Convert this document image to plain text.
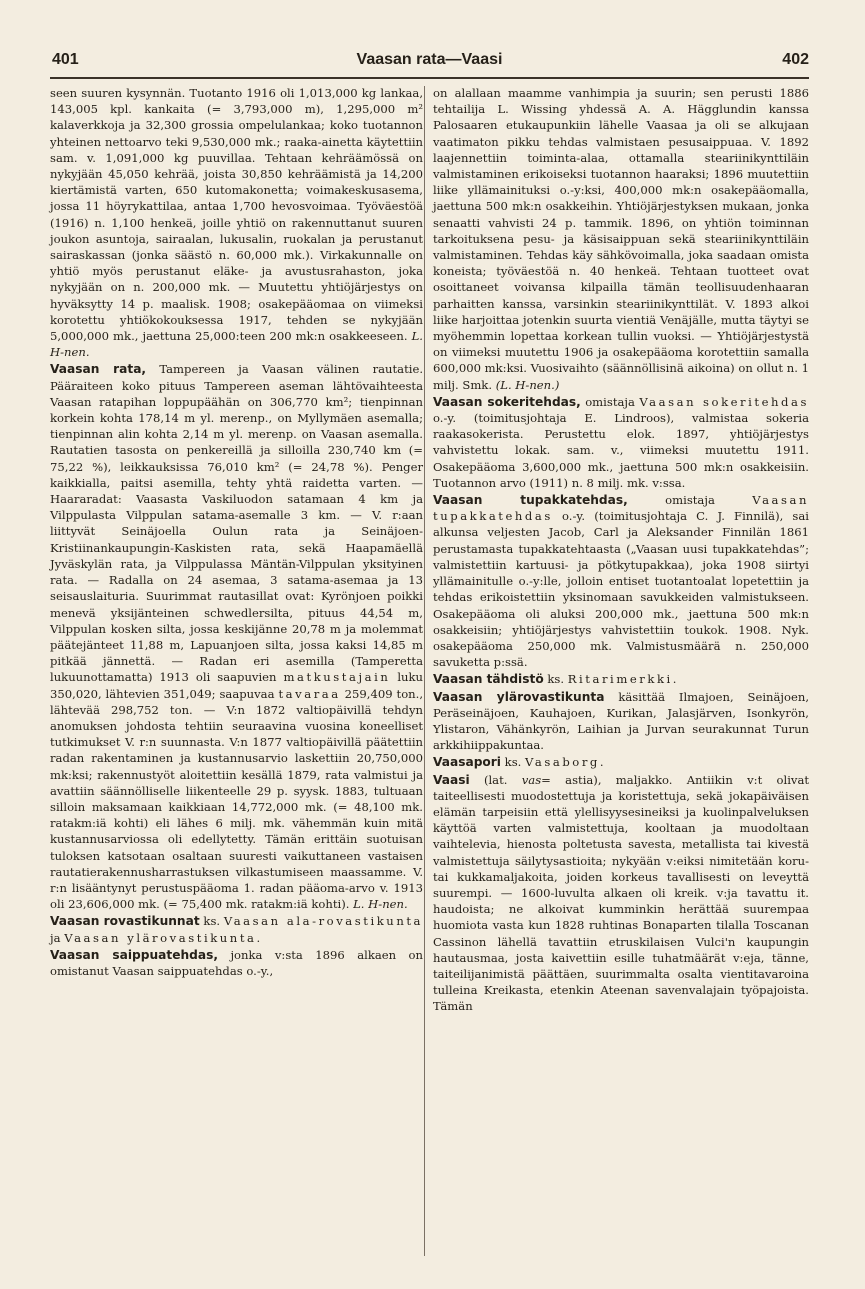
401	Vaasan rata—Vaasi	402

seen suuren kysynnän. Tuotanto 1916 oli 1,013,000 kg lankaa, 143,005 kpl. kankaita (= 3,793,000 m), 1,295,000 m² kalaverkkoja ja 32,300 grossia ompelulankaa; koko tuotannon yhteinen nettoarvo teki 9,530,000 mk.; raaka-ainetta käytettiin sam. v. 1,091,000 kg puuvillaa. Tehtaan kehräämössä on nykyjään 45,050 kehrää, joista 30,850 kehräämistä ja 14,200 kiertämistä varten, 650 kutomakonetta; voimakeskusasema, jossa 11 höyrykattilaa, antaa 1,700 hevosvoimaa. Työväestöä (1916) n. 1,100 henkeä, joille yhtiö on rakennuttanut suuren joukon asuntoja, sairaalan, lukusalin, ruokalan ja perustanut sairaskassan (jonka säästö n. 60,000 mk.). Virkakunnalle on yhtiö myös perustanut eläke- ja avustusrahaston, joka nykyjään on n. 200,000 mk. — Muutettu yhtiöjärjestys on hyväksytty 14 p. maalisk. 1908; osakepääomaa on viimeksi korotettu yhtiökokouksessa 1917, tehden se nykyjään 5,000,000 mk., jaettuna 25,000:teen 200 mk:n osakkeeseen. L. H-nen.

Vaasan rata, Tampereen ja Vaasan välinen rautatie. Pääraiteen koko pituus Tampereen aseman lähtövaihteesta Vaasan ratapihan loppupäähän on 306,770 km²; tienpinnan korkein kohta 178,14 m yl. merenp., on Myllymäen asemalla; tienpinnan alin kohta 2,14 m yl. merenp. on Vaasan asemalla. Rautatien tasosta on penkereillä ja silloilla 230,740 km (= 75,22 %), leikkauksissa 76,010 km² (= 24,78 %). Penger kaikkialla, paitsi asemilla, tehty yhtä raidetta varten. — Haararadat: Vaasasta Vaskiluodon satamaan 4 km ja Vilppulasta Vilppulan satama-asemalle 3 km. — V. r:aan liittyvät Seinäjoella Oulun rata ja Seinäjoen-Kristiinankaupungin-Kaskisten rata, sekä Haapamäellä Jyväskylän rata, ja Vilppulassa Mäntän-Vilppulan yksityinen rata. — Radalla on 24 asemaa, 3 satama-asemaa ja 13 seisauslaituria. Suurimmat rautasillat ovat: Kyrönjoen poikki menevä yksijänteinen schwedlersilta, pituus 44,54 m, Vilppulan kosken silta, jossa keskijänne 20,78 m ja molemmat päätejänteet 11,88 m, Lapuanjoen silta, jossa kaksi 14,85 m pitkää jännettä. — Radan eri asemilla (Tamperetta lukuunottamatta) 1913 oli saapuvien matkustajain luku 350,020, lähtevien 351,049; saapuvaa tavaraa 259,409 ton., lähtevää 298,752 ton. — V:n 1872 valtiopäivillä tehdyn anomuksen johdosta tehtiin seuraavina vuosina koneelliset tutkimukset V. r:n suunnasta. V:n 1877 valtiopäivillä päätettiin radan rakentaminen ja kustannusarvio laskettiin 20,750,000 mk:ksi; rakennustyöt aloitettiin kesällä 1879, rata valmistui ja avattiin säännölliselle liikenteelle 29 p. syysk. 1883, tultuaan silloin maksamaan kaikkiaan 14,772,000 mk. (= 48,100 mk. ratakm:iä kohti) eli lähes 6 milj. mk. vähemmän kuin mitä kustannusarviossa oli edellytetty. Tämän erittäin suotuisan tuloksen katsotaan osaltaan suuresti vaikuttaneen vastaisen rautatierakennusharrastuksen vilkastumiseen maassamme. V. r:n lisääntynyt perustuspääoma 1. radan pääoma-arvo v. 1913 oli 23,606,000 mk. (= 75,400 mk. ratakm:iä kohti). L. H-nen.

Vaasan rovastikunnat ks. Vaasan ala-rovastikunta ja Vaasan ylärovastikunta.

Vaasan saippuatehdas, jonka v:sta 1896 alkaen on omistanut Vaasan saippuatehdas o.-y.,

on alallaan maamme vanhimpia ja suurin; sen perusti 1886 tehtailija L. Wissing yhdessä A. A. Hägglundin kanssa Palosaaren etukaupunkiin lähelle Vaasaa ja oli se alkujaan vaatimaton pikku tehdas valmistaen pesusaippuaa. V. 1892 laajennettiin toiminta-alaa, ottamalla steariinikynttiläin valmistaminen erikoiseksi tuotannon haaraksi; 1896 muutettiin liike yllämainituksi o.-y:ksi, 400,000 mk:n osakepääomalla, jaettuna 500 mk:n osakkeihin. Yhtiöjärjestyksen mukaan, jonka senaatti vahvisti 24 p. tammik. 1896, on yhtiön toiminnan tarkoituksena pesu- ja käsisaippuan sekä steariinikynttiläin valmistaminen. Tehdas käy sähkövoimalla, joka saadaan omista koneista; työväestöä n. 40 henkeä. Tehtaan tuotteet ovat osoittaneet voivansa kilpailla tämän teollisuudenhaaran parhaitten kanssa, varsinkin steariinikynttilät. V. 1893 alkoi liike harjoittaa jotenkin suurta vientiä Venäjälle, mutta täytyi se myöhemmin lopettaa korkean tullin vuoksi. — Yhtiöjärjestystä on viimeksi muutettu 1906 ja osakepääoma korotettiin samalla 600,000 mk:ksi. Vuosivaihto (säännöllisinä aikoina) on ollut n. 1 milj. Smk. (L. H-nen.)

Vaasan sokeritehdas, omistaja Vaasan sokeritehdas o.-y. (toimitusjohtaja E. Lindroos), valmistaa sokeria raakasokerista. Perustettu elok. 1897, yhtiöjärjestys vahvistettu lokak. sam. v., viimeksi muutettu 1911. Osakepääoma 3,600,000 mk., jaettuna 500 mk:n osakkeisiin. Tuotannon arvo (1911) n. 8 milj. mk. v:ssa.

Vaasan tupakkatehdas,	omistaja	Vaasan tupakkatehdas o.-y. (toimitusjohtaja C. J. Finnilä), sai alkunsa veljesten Jacob, Carl ja Aleksander Finnilän 1861 perustamasta tupakkatehtaasta („Vaasan uusi tupakkatehdas”; valmistettiin kartuusi- ja pötkytupakkaa), joka 1908 siirtyi yllämainitulle o.-y:lle, jolloin entiset tuotantoalat lopetettiin ja tehdas erikoistettiin yksinomaan savukkeiden valmistukseen. Osakepääoma oli aluksi 200,000 mk., jaettuna 500 mk:n osakkeisiin; yhtiöjärjestys vahvistettiin toukok. 1908. Nyk. osakepääoma 250,000 mk. Valmistusmäärä n. 250,000 savuketta p:ssä.

Vaasan tähdistö ks. Ritarimerkki.

Vaasan ylärovastikunta käsittää Ilmajoen, Seinäjoen, Peräseinäjoen, Kauhajoen, Kurikan, Jalasjärven, Isonkyrön, Ylistaron, Vähänkyrön, Laihian ja Jurvan seurakunnat Turun arkkihiippakuntaa.

Vaasapori ks. Vasaborg.

Vaasi (lat. vas= astia), maljakko. Antiikin v:t olivat taiteellisesti muodostettuja ja koristettuja, sekä jokapäiväisen elämän tarpeisiin että ylellisyysesineiksi ja kuolinpalveluksen käyttöä varten valmistettuja, kooltaan ja muodoltaan vaihtelevia, hienosta poltetusta savesta, metallista tai kivestä valmistettuja säilytysastioita; nykyään v:eiksi nimitetään koru- tai kukkamaljakoita, joiden korkeus tavallisesti on leveyttä suurempi. — 1600-luvulta alkaen oli kreik. v:ja tavattu it. haudoista; ne alkoivat kumminkin herättää suurempaa huomiota vasta kun 1828 ruhtinas Bonaparten tilalla Toscanan Cassinon lähellä tavattiin etruskilaisen Vulci'n kaupungin hautausmaa, josta kaivettiin esille tuhatmäärät v:eja, tänne, taiteilijanimistä päättäen, suurimmalta osalta vientitavaroina tulleina Kreikasta, etenkin Ateenan savenvalajain työpajoista. Tämän
